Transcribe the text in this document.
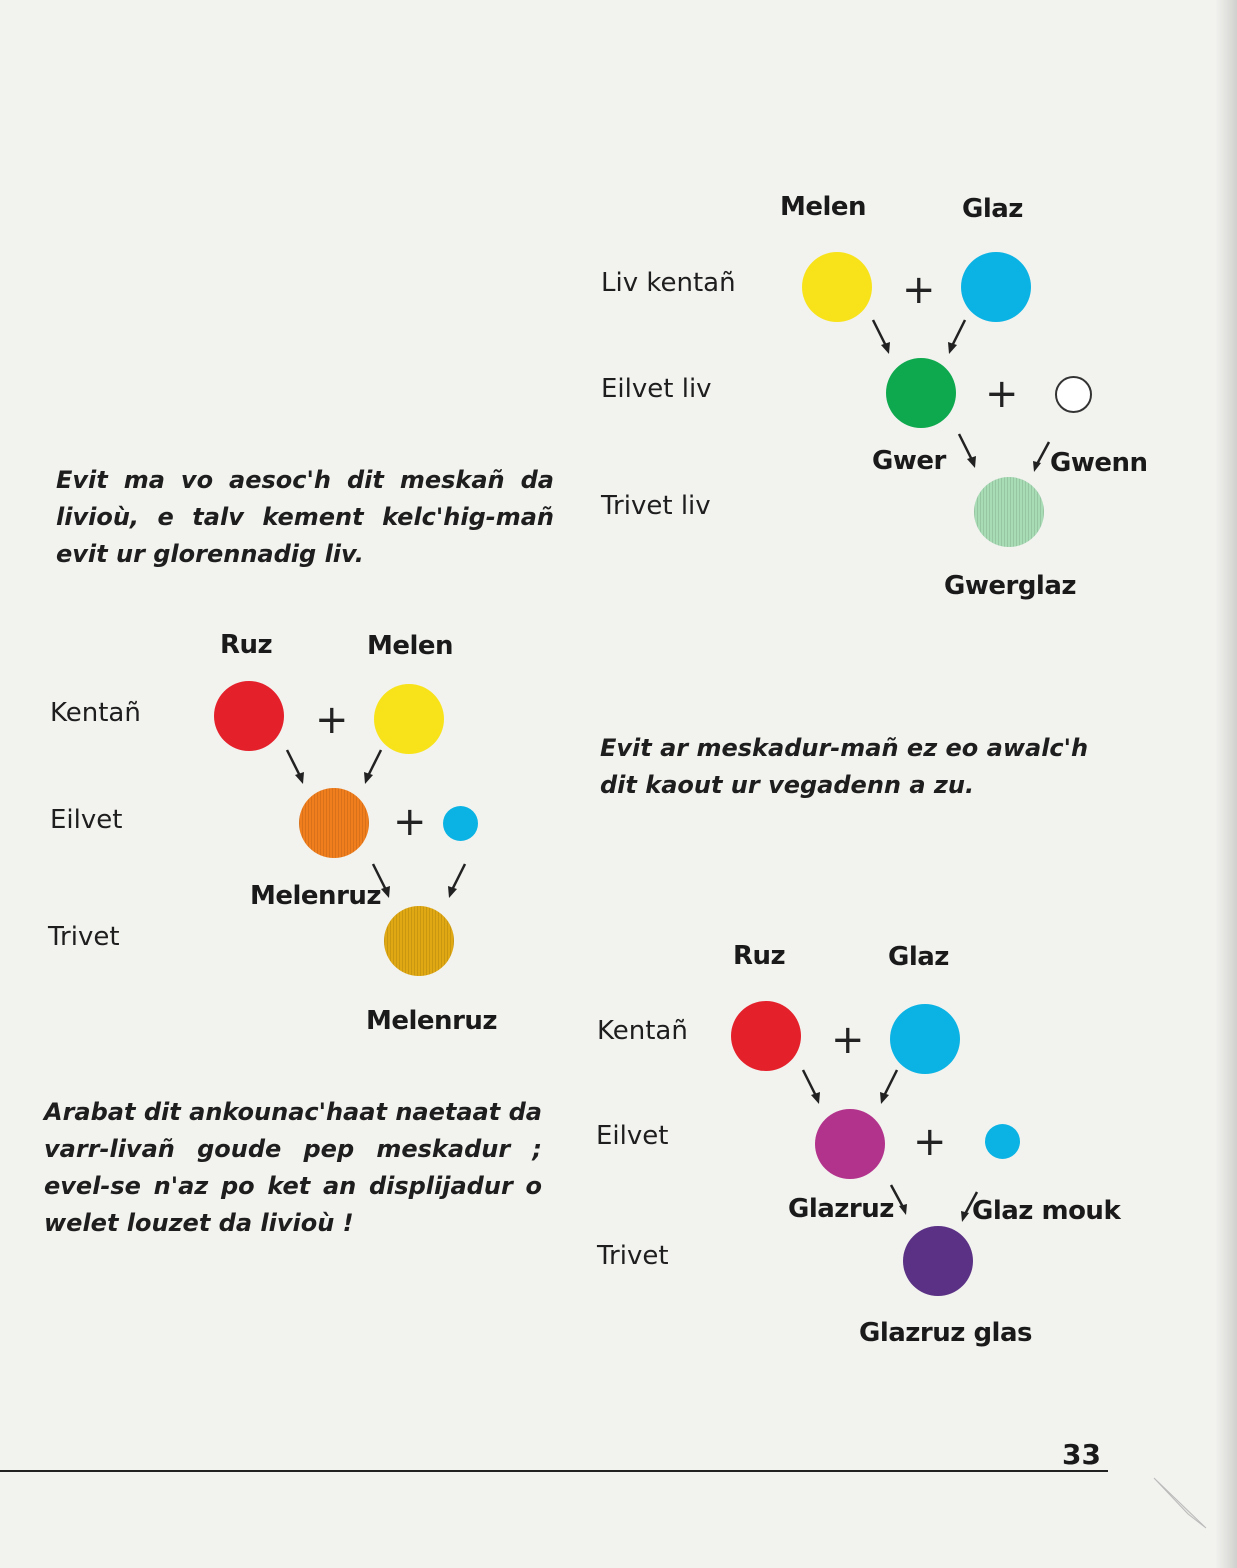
Melen	Glaz
Liv kentañ
Eilvet liv
Trivet liv
+
+
Gwer	Gwenn
Gwerglaz
Evit ma vo aesoc'h dit meskañ da livioù, e talv kement kelc'hig-mañ evit ur glorennadig liv.
Ruz	Melen
Kentañ
Eilvet
Trivet
+
+
Melenruz
Melenruz
Evit ar meskadur-mañ ez eo awalc'h dit kaout ur vegadenn a zu.
Arabat dit ankounac'haat naetaat da varr-livañ goude pep meskadur ; evel-se n'az po ket an displijadur o welet louzet da livioù !
Ruz	Glaz
Kentañ
Eilvet
Trivet
+
+
Glazruz	Glaz mouk
Glazruz glas
33
